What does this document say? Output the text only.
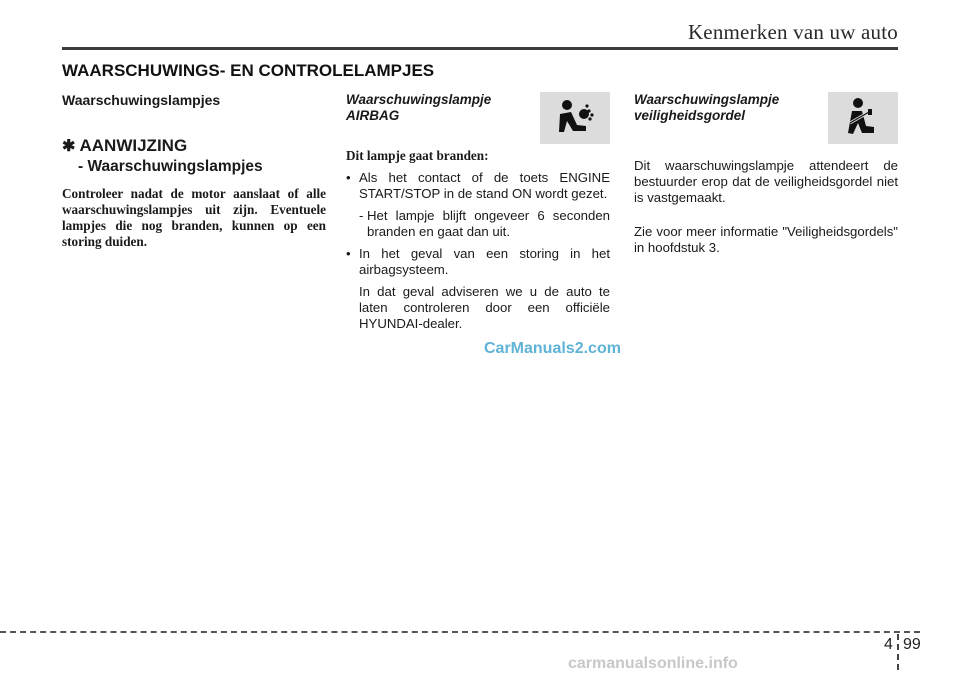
Kenmerken van uw auto
WAARSCHUWINGS- EN CONTROLELAMPJES

Waarschuwingslampjes

✱ AANWIJZING
- Waarschuwingslampjes
Controleer nadat de motor aanslaat of alle waarschuwingslampjes uit zijn. Eventuele lampjes die nog branden, kunnen op een storing duiden.
Waarschuwingslampje
AIRBAG
Dit lampje gaat branden:

• Als het contact of de toets ENGINE START/STOP in de stand ON wordt gezet.

- Het lampje blijft ongeveer 6 seconden branden en gaat dan uit.

• In het geval van een storing in het airbagsysteem.

In dat geval adviseren we u de auto te laten controleren door een officiële HYUNDAI-dealer.

Waarschuwingslampje
veiligheidsgordel

Dit waarschuwingslampje attendeert de bestuurder erop dat de veiligheidsgordel niet is vastgemaakt.

Zie voor meer informatie "Veiligheidsgordels" in hoofdstuk 3.

CarManuals2.com
carmanualsonline.info
4 99
